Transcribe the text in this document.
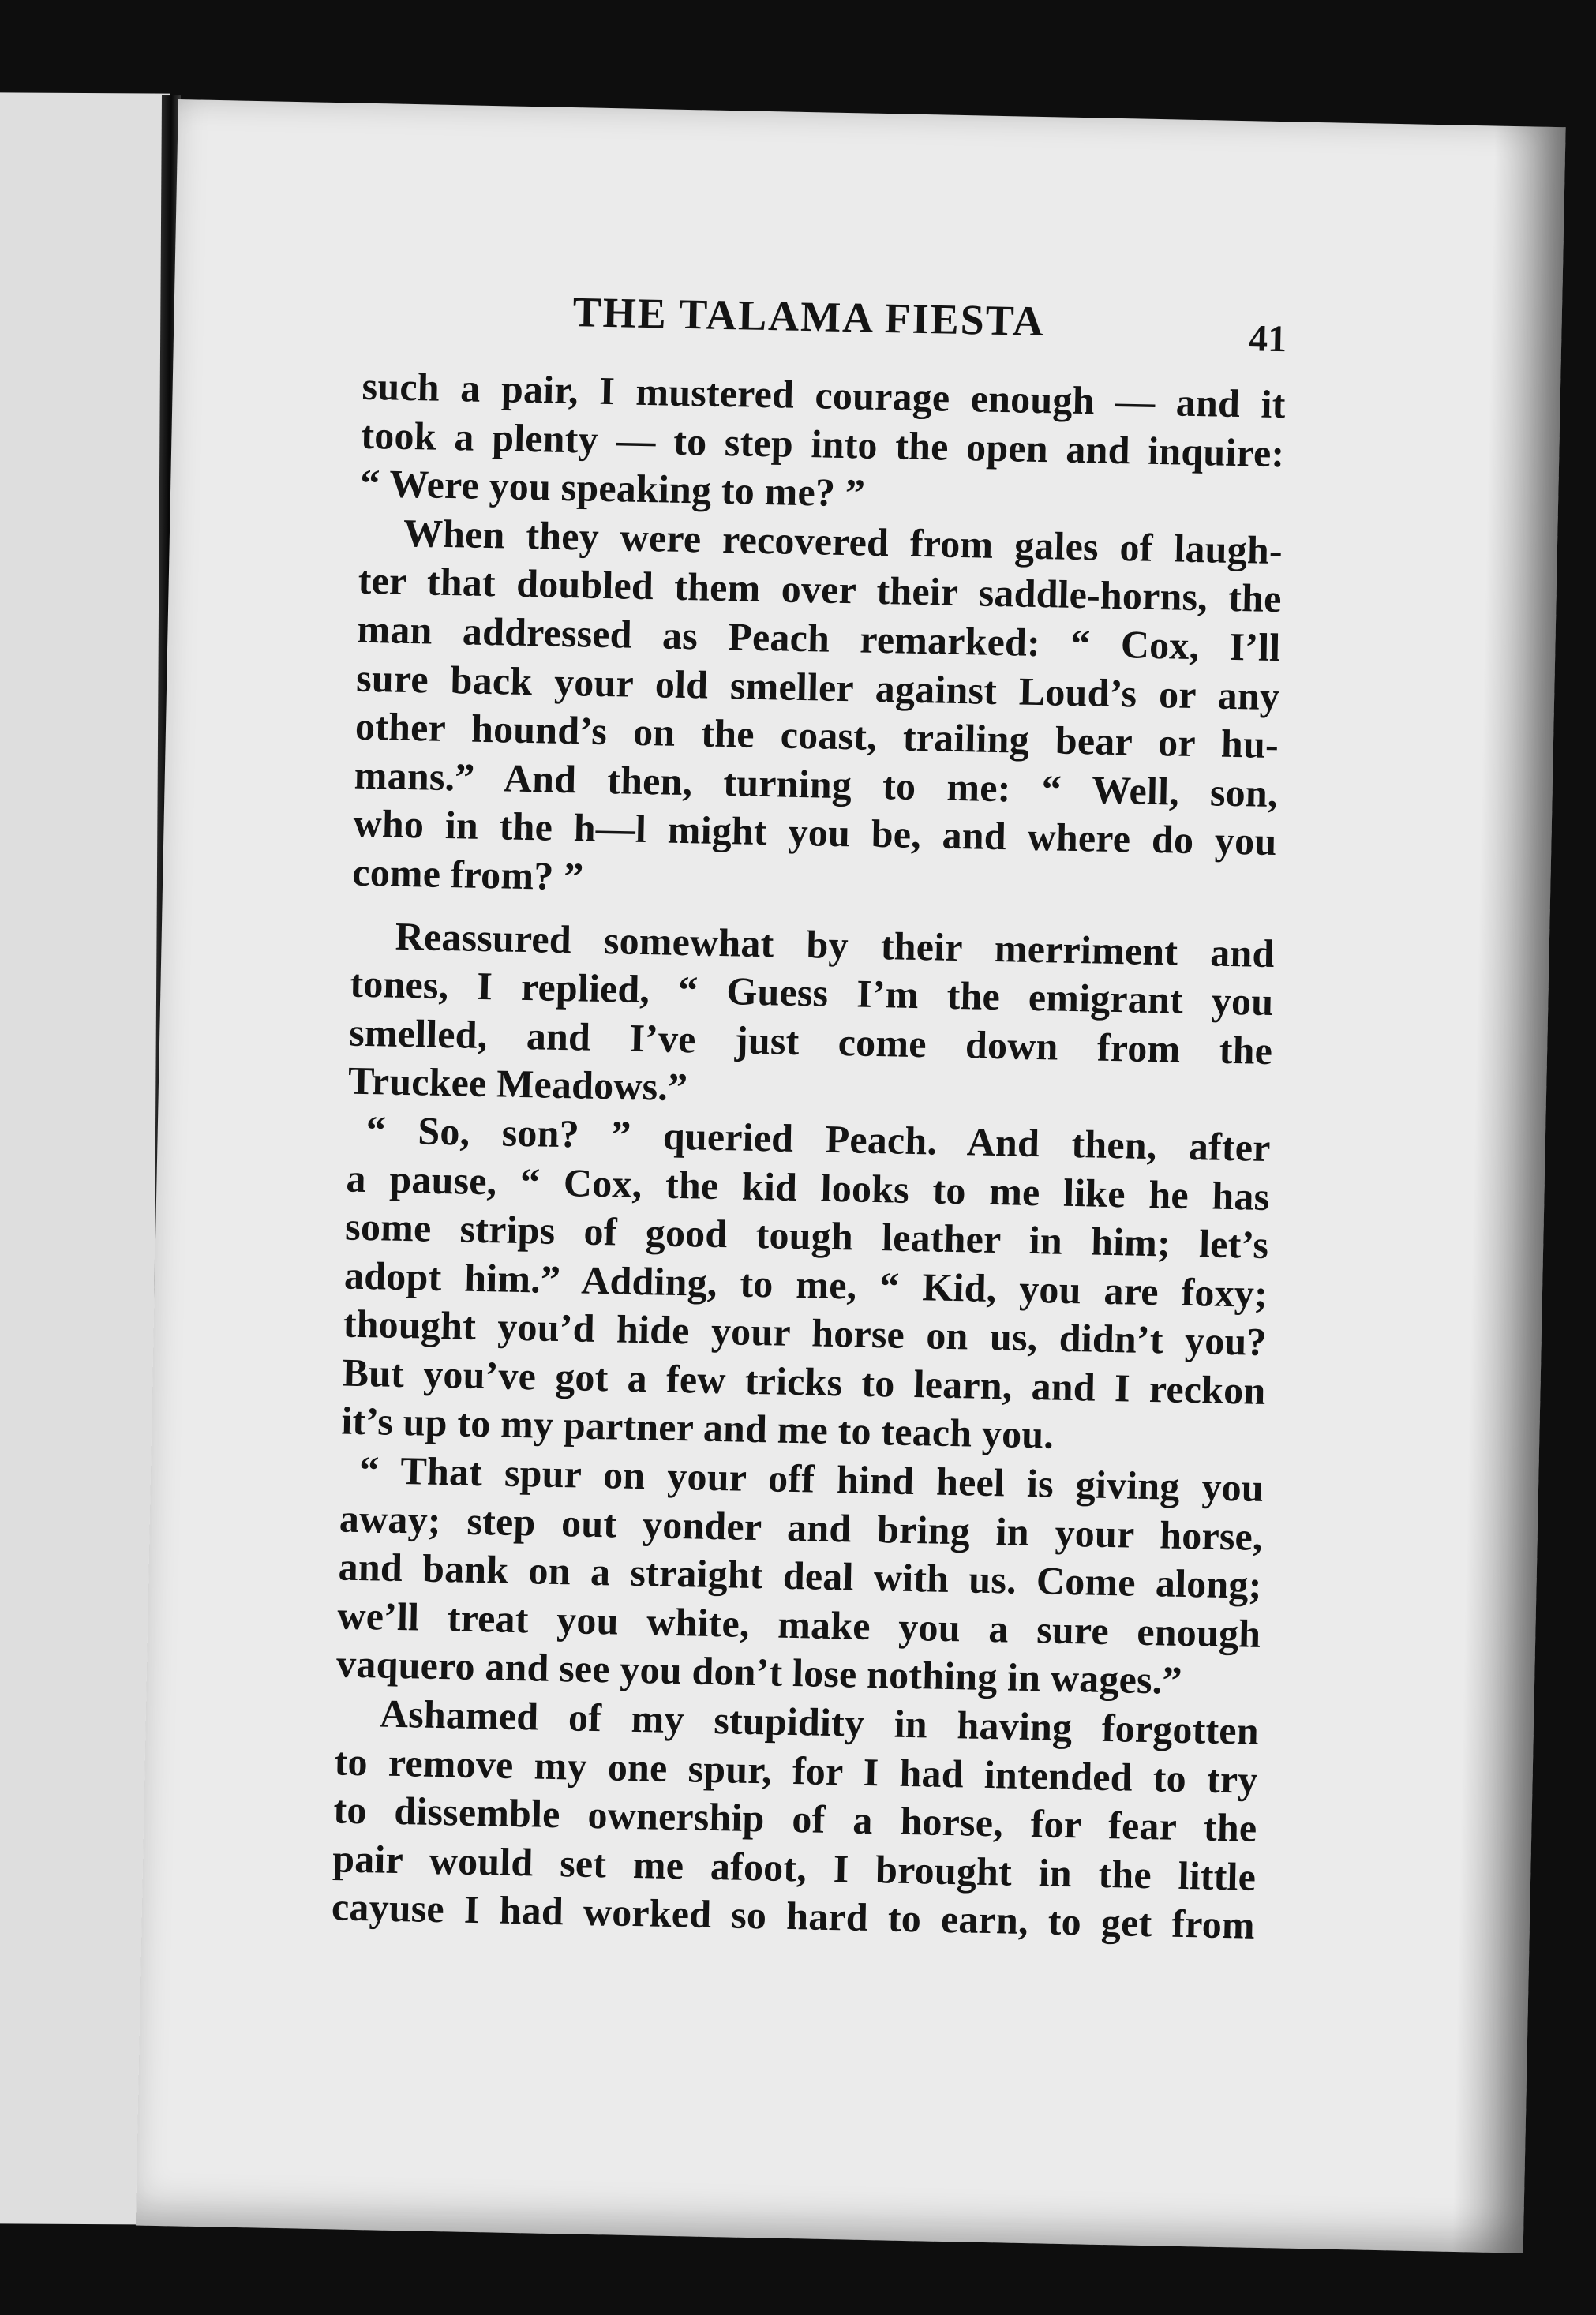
THE TALAMA FIESTA	41
such a pair, I mustered courage enough — and it
took a plenty — to step into the open and inquire:
“ Were you speaking to me? ”
When they were recovered from gales of laugh-
ter that doubled them over their saddle-horns, the
man addressed as Peach remarked: “ Cox, I’ll
sure back your old smeller against Loud’s or any
other hound’s on the coast, trailing bear or hu-
mans.” And then, turning to me: “ Well, son,
who in the h—l might you be, and where do you
come from? ”
Reassured somewhat by their merriment and
tones, I replied, “ Guess I’m the emigrant you
smelled, and I’ve just come down from the
Truckee Meadows.”
“ So, son? ” queried Peach. And then, after
a pause, “ Cox, the kid looks to me like he has
some strips of good tough leather in him; let’s
adopt him.” Adding, to me, “ Kid, you are foxy;
thought you’d hide your horse on us, didn’t you?
But you’ve got a few tricks to learn, and I reckon
it’s up to my partner and me to teach you.
“ That spur on your off hind heel is giving you
away; step out yonder and bring in your horse,
and bank on a straight deal with us. Come along;
we’ll treat you white, make you a sure enough
vaquero and see you don’t lose nothing in wages.”
Ashamed of my stupidity in having forgotten
to remove my one spur, for I had intended to try
to dissemble ownership of a horse, for fear the
pair would set me afoot, I brought in the little
cayuse I had worked so hard to earn, to get from
